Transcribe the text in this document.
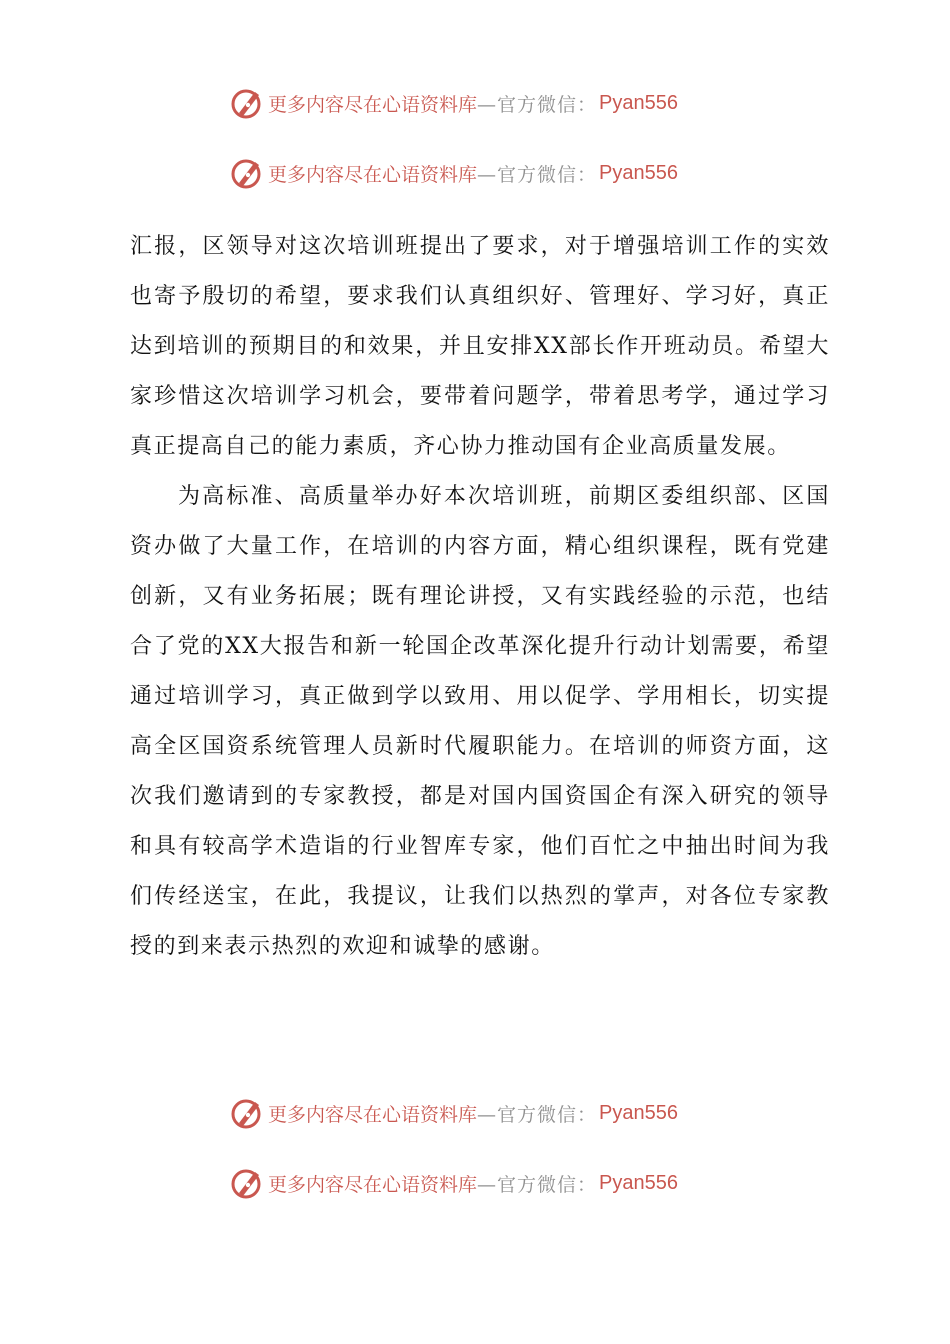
更多内容尽在心语资料库 —官方微信： Pyan556
更多内容尽在心语资料库 —官方微信： Pyan556

汇报，区领导对这次培训班提出了要求，对于增强培训工作的实效也寄予殷切的希望，要求我们认真组织好、管理好、学习好，真正达到培训的预期目的和效果，并且安排XX部长作开班动员。希望大家珍惜这次培训学习机会，要带着问题学，带着思考学，通过学习真正提高自己的能力素质，齐心协力推动国有企业高质量发展。

为高标准、高质量举办好本次培训班，前期区委组织部、区国资办做了大量工作，在培训的内容方面，精心组织课程，既有党建创新，又有业务拓展；既有理论讲授，又有实践经验的示范，也结合了党的XX大报告和新一轮国企改革深化提升行动计划需要，希望通过培训学习，真正做到学以致用、用以促学、学用相长，切实提高全区国资系统管理人员新时代履职能力。在培训的师资方面，这次我们邀请到的专家教授，都是对国内国资国企有深入研究的领导和具有较高学术造诣的行业智库专家，他们百忙之中抽出时间为我们传经送宝，在此，我提议，让我们以热烈的掌声，对各位专家教授的到来表示热烈的欢迎和诚挚的感谢。

更多内容尽在心语资料库 —官方微信： Pyan556
更多内容尽在心语资料库 —官方微信： Pyan556
